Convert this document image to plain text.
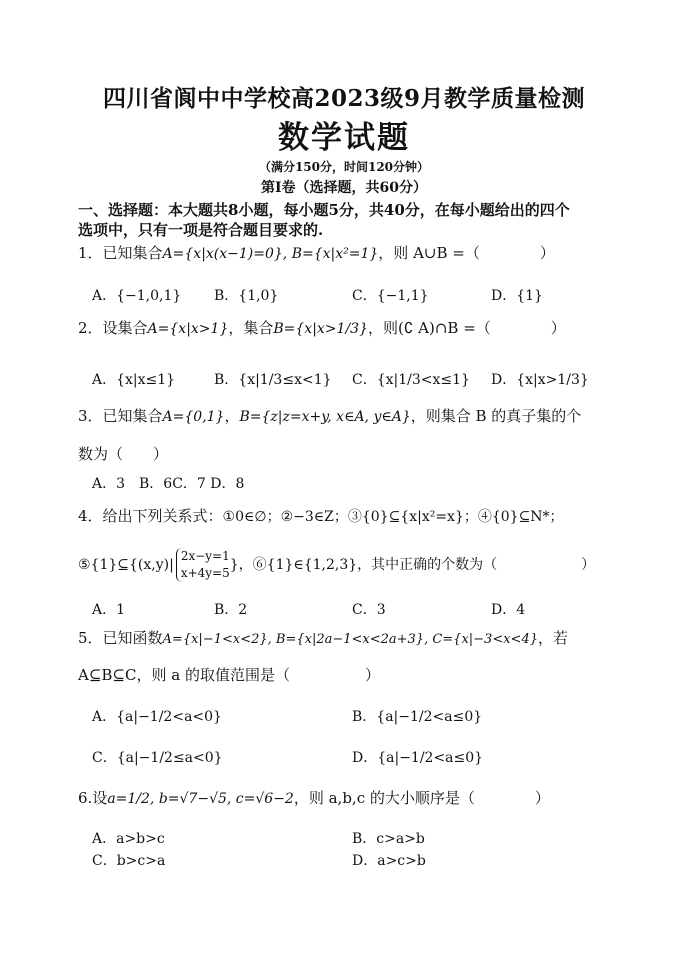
四川省阆中中学校高2023级9月教学质量检测
数学试题
（满分150分，时间120分钟）
第Ⅰ卷（选择题，共60分）
一、选择题：本大题共8小题，每小题5分，共40分，在每小题给出的四个
选项中，只有一项是符合题目要求的.
1．已知集合A={x|x(x−1)=0}, B={x|x²=1}，则 A∪B =（　　　　）
A．{−1,0,1} B．{1,0}	C．{−1,1}	D．{1}
2．设集合A={x|x>1}，集合B={x|x>1/3}，则(∁ A)∩B =（　　　　）
A．{x|x≤1}	B．{x|1/3≤x<1} C．{x|1/3<x≤1} D．{x|x>1/3}
3．已知集合A={0,1}，B={z|z=x+y, x∈A, y∈A}，则集合 B 的真子集的个
数为（　　）
A．3　B．6C．7 D．8
4．给出下列关系式：①0∈∅；②−3∈Z；③{0}⊆{x|x²=x}；④{0}⊆N*；
⑤{1}⊆{(x,y)|
2x−y=1
x+4y=5 }，⑥{1}∈{1,2,3}，其中正确的个数为（　　　　　　）
A．1	B．2	C．3	D．4
5．已知函数A={x|−1<x<2}, B={x|2a−1<x<2a+3}, C={x|−3<x<4}，若
A⊆B⊆C，则 a 的取值范围是（　　　　　）
A．{a|−1/2<a<0}	B．{a|−1/2<a≤0}
C．{a|−1/2≤a<0}	D．{a|−1/2<a≤0}
6.设a=1/2, b=√7−√5, c=√6−2，则 a,b,c 的大小顺序是（　　　　）
A．a>b>c	B．c>a>b
C．b>c>a	D．a>c>b
